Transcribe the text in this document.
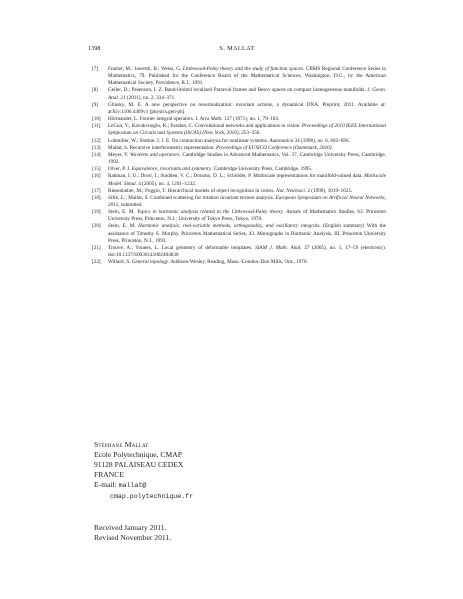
1398	S. MALLAT
[7] Frazier, M.; Jawerth, B.; Weiss, G. Littlewood-Paley theory and the study of function spaces. CBMS Regional Conference Series in Mathematics, 79. Published for the Conference Board of the Mathematical Sciences, Washington, D.C., by the American Mathematical Society, Providence, R.I., 1991.
[8] Geller, D.; Pesenson, I. Z. Band-limited localized Parseval frames and Besov spaces on compact homogeneous manifolds. J. Geom. Anal. 21 (2011), no. 2, 334–371.
[9] Glinsky, M. E. A new perspective on renormalization: invariant actions, a dynamical DNA. Preprint, 2011. Available at: arXiv:1106.4369v1 [physics.gen-ph]
[10] Hörmander, L. Fourier integral operators. I. Acta Math. 127 (1971), no. 1, 79–183.
[11] LeCun, Y.; Kavukvuoglu, K.; Farabet, C. Convolutional networks and applications in vision. Proceedings of 2010 IEEE International Symposium on Circuits and Systems (ISCAS) (New York, 2010), 253–256.
[12] Lohmiller, W.; Slotine, J. J. E. On contraction analysis for nonlinear systems. Automatica 34 (1998), no. 6, 683–696.
[13] Mallat, S. Recursive interferometric representation. Proceedings of EUSICO Conference (Danemark, 2010).
[14] Meyer, Y. Wavelets and operators. Cambridge Studies in Advanced Mathematics, Vol. 37. Cambridge University Press, Cambridge, 1992.
[15] Olver, P. J. Equivalence, invariants and symmetry. Cambridge University Press, Cambridge, 1995.
[16] Rahman, I. U.; Drori, I.; Stodden, V. C.; Donoho, D. L.; Schröder, P. Multiscale representations for manifold-valued data. Multiscale Model. Simul. 4 (2005), no. 4, 1201–1232.
[17] Riesenhuber, M.; Poggio, T. Hierarchical models of object recognition in cortex. Nat. Neurosci. 2 (1999), 1019–1025.
[18] Sifre, L.; Mallat, S. Combined scattering for rotation invariant texture analysis. European Symposium on Artificial Neural Networks, 2012, submitted.
[19] Stein, E. M. Topics in harmonic analysis related to the Littlewood-Paley theory. Annals of Mathematics Studies, 63. Princeton University Press, Princeton, N.J.; University of Tokyo Press, Tokyo, 1970.
[20] Stein, E. M. Harmonic analysis: real-variable methods, orthogonality, and oscillatory integrals. (English summary) With the assistance of Timothy S. Murphy. Princeton Mathematical Series, 43. Monographs in Harmonic Analysis, III. Princeton University Press, Princeton, N.J., 1993.
[21] Trouvé, A.; Younes, L. Local geometry of deformable templates. SIAM J. Math. Anal. 37 (2005), no. 1, 17–59 (electronic). doi:10.1137/S0036141002404838
[22] Willard, S. General topology. Addison-Wesley, Reading, Mass.–London–Don Mills, Ont., 1970.
Stéphane Mallat
Ecole Polytechnique, CMAP
91128 PALAISEAU CEDEX
FRANCE
E-mail: mallat@
cmap.polytechnique.fr
Received January 2011.
Revised November 2011.
